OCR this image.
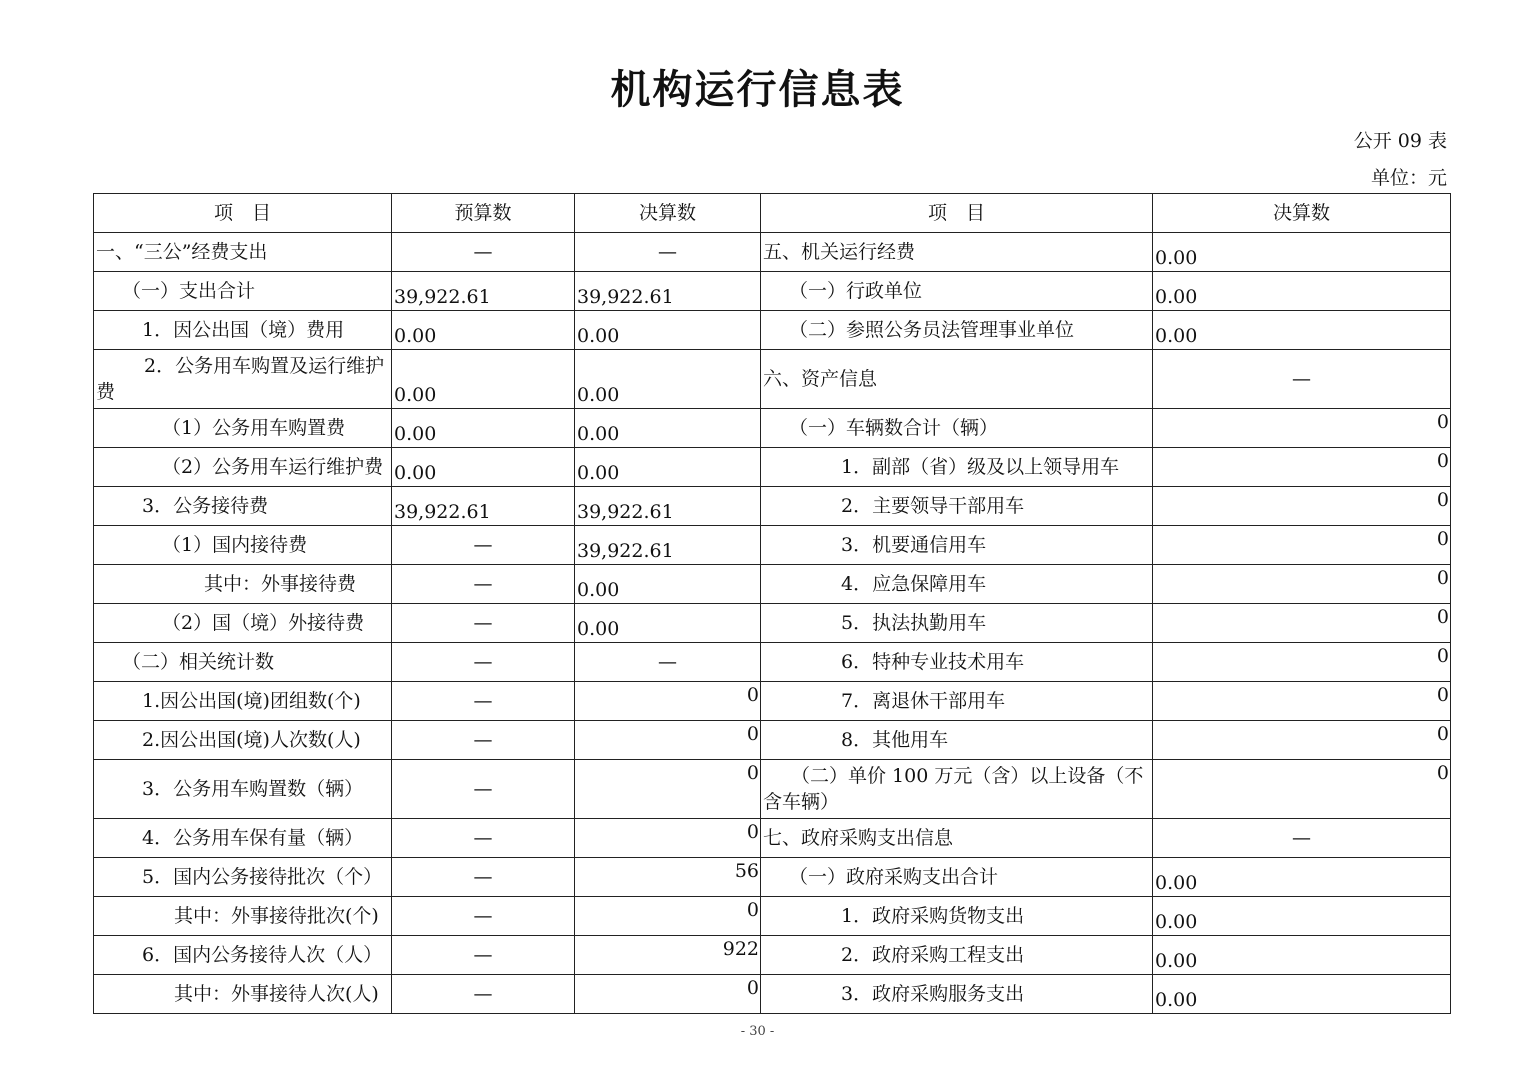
机构运行信息表
公开 09 表
单位：元
项　目	预算数	决算数	项　目	决算数
一、“三公”经费支出	—	—	五、机关运行经费	0.00
（一）支出合计	39,922.61	39,922.61	（一）行政单位	0.00
1．因公出国（境）费用	0.00	0.00	（二）参照公务员法管理事业单位	0.00
2．公务用车购置及运行维护费	0.00	0.00	六、资产信息	—
（1）公务用车购置费	0.00	0.00	（一）车辆数合计（辆）	0
（2）公务用车运行维护费	0.00	0.00	1．副部（省）级及以上领导用车	0
3．公务接待费	39,922.61	39,922.61	2．主要领导干部用车	0
（1）国内接待费	—	39,922.61	3．机要通信用车	0
其中：外事接待费	—	0.00	4．应急保障用车	0
（2）国（境）外接待费	—	0.00	5．执法执勤用车	0
（二）相关统计数	—	—	6．特种专业技术用车	0
1.因公出国(境)团组数(个)	—	0	7．离退休干部用车	0
2.因公出国(境)人次数(人)	—	0	8．其他用车	0
3．公务用车购置数（辆）	—	0	（二）单价 100 万元（含）以上设备（不含车辆）	0
4．公务用车保有量（辆）	—	0	七、政府采购支出信息	—
5．国内公务接待批次（个）	—	56	（一）政府采购支出合计	0.00
其中：外事接待批次(个)	—	0	1．政府采购货物支出	0.00
6．国内公务接待人次（人）	—	922	2．政府采购工程支出	0.00
其中：外事接待人次(人)	—	0	3．政府采购服务支出	0.00
- 30 -
